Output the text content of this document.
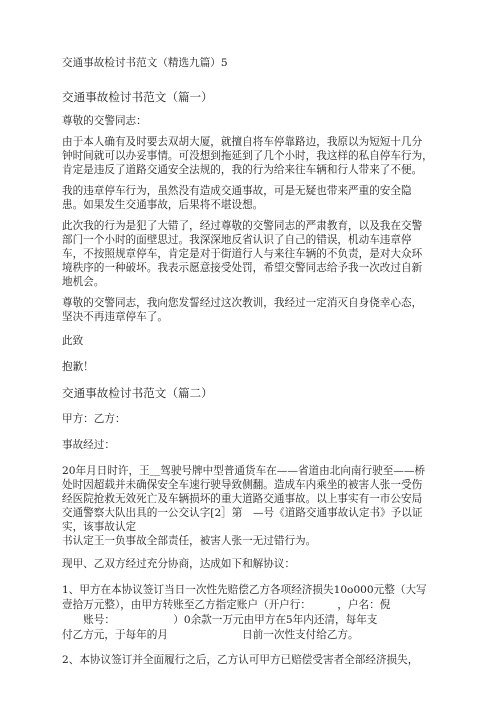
交通事故检讨书范文（精选九篇）5

交通事故检讨书范文（篇一）

尊敬的交警同志：

由于本人确有及时要去双胡大厦，就擅自将车停靠路边，我原以为短短十几分

钟时间就可以办妥事情。可没想到拖延到了几个小时，我这样的私自停车行为，

肯定是违反了道路交通安全法规的，我的行为给来往车辆和行人带来了不便。

我的违章停车行为，虽然没有造成交通事故，可是无疑也带来严重的安全隐

患。如果发生交通事故，后果将不堪设想。

此次我的行为是犯了大错了，经过尊敬的交警同志的严肃教育，以及我在交警

部门一个小时的面壁思过。我深深地反省认识了自己的错误，机动车违章停

车，不按照规章停车，肯定是对于街道行人与来往车辆的不负责，是对大众环

境秩序的一种破坏。我表示愿意接受处罚，希望交警同志给予我一次改过自新

地机会。

尊敬的交警同志，我向您发誓经过这次教训，我经过一定消灭自身侥幸心态，

坚决不再违章停车了。

此致

抱歉！

交通事故检讨书范文（篇二）

甲方：乙方：

事故经过：

20年月日时许，王＿驾驶号牌中型普通货车在——省道由北向南行驶至——桥

处时因超载并未确保安全车速行驶导致侧翻。造成车内乘坐的被害人张一受伤

经医院抢救无效死亡及车辆损坏的重大道路交通事故。以上事实有一市公安局

交通警察大队出具的一公交认字[2］第　—号《道路交通事故认定书》予以证

实，该事故认定

书认定王一负事故全部责任，被害人张一无过错行为。

现甲、乙双方经过充分协商，达成如下和解协议：

1、甲方在本协议签订当日一次性先赔偿乙方各项经济损失10o000元整（大写

壹拾万元整），由甲方转账至乙方指定账户（开户行：　　　，户名：倪

　　账号：　　　　　　）0余款一万元由甲方在5年内还清，每年支

付乙方元，于每年的月　　　　　　　日前一次性支付给乙方。

2、本协议签订并全面履行之后，乙方认可甲方已赔偿受害者全部经济损失，
